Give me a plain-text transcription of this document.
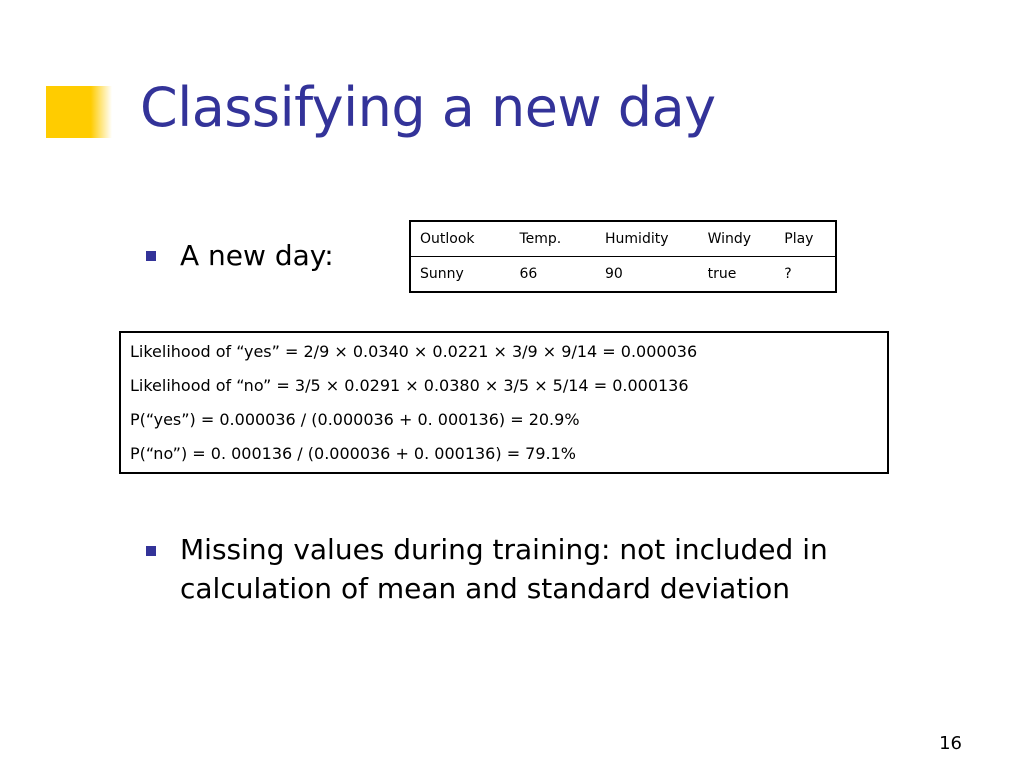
Classifying a new day
A new day:	Outlook	Temp.	Humidity	Windy	Play
Sunny	66	90	true	?
Likelihood of “yes” = 2/9 × 0.0340 × 0.0221 × 3/9 × 9/14 = 0.000036
Likelihood of “no” = 3/5 × 0.0291 × 0.0380 × 3/5 × 5/14 = 0.000136
P(“yes”) = 0.000036 / (0.000036 + 0. 000136) = 20.9%
P(“no”) = 0. 000136 / (0.000036 + 0. 000136) = 79.1%
Missing values during training: not included in
calculation of mean and standard deviation
16
